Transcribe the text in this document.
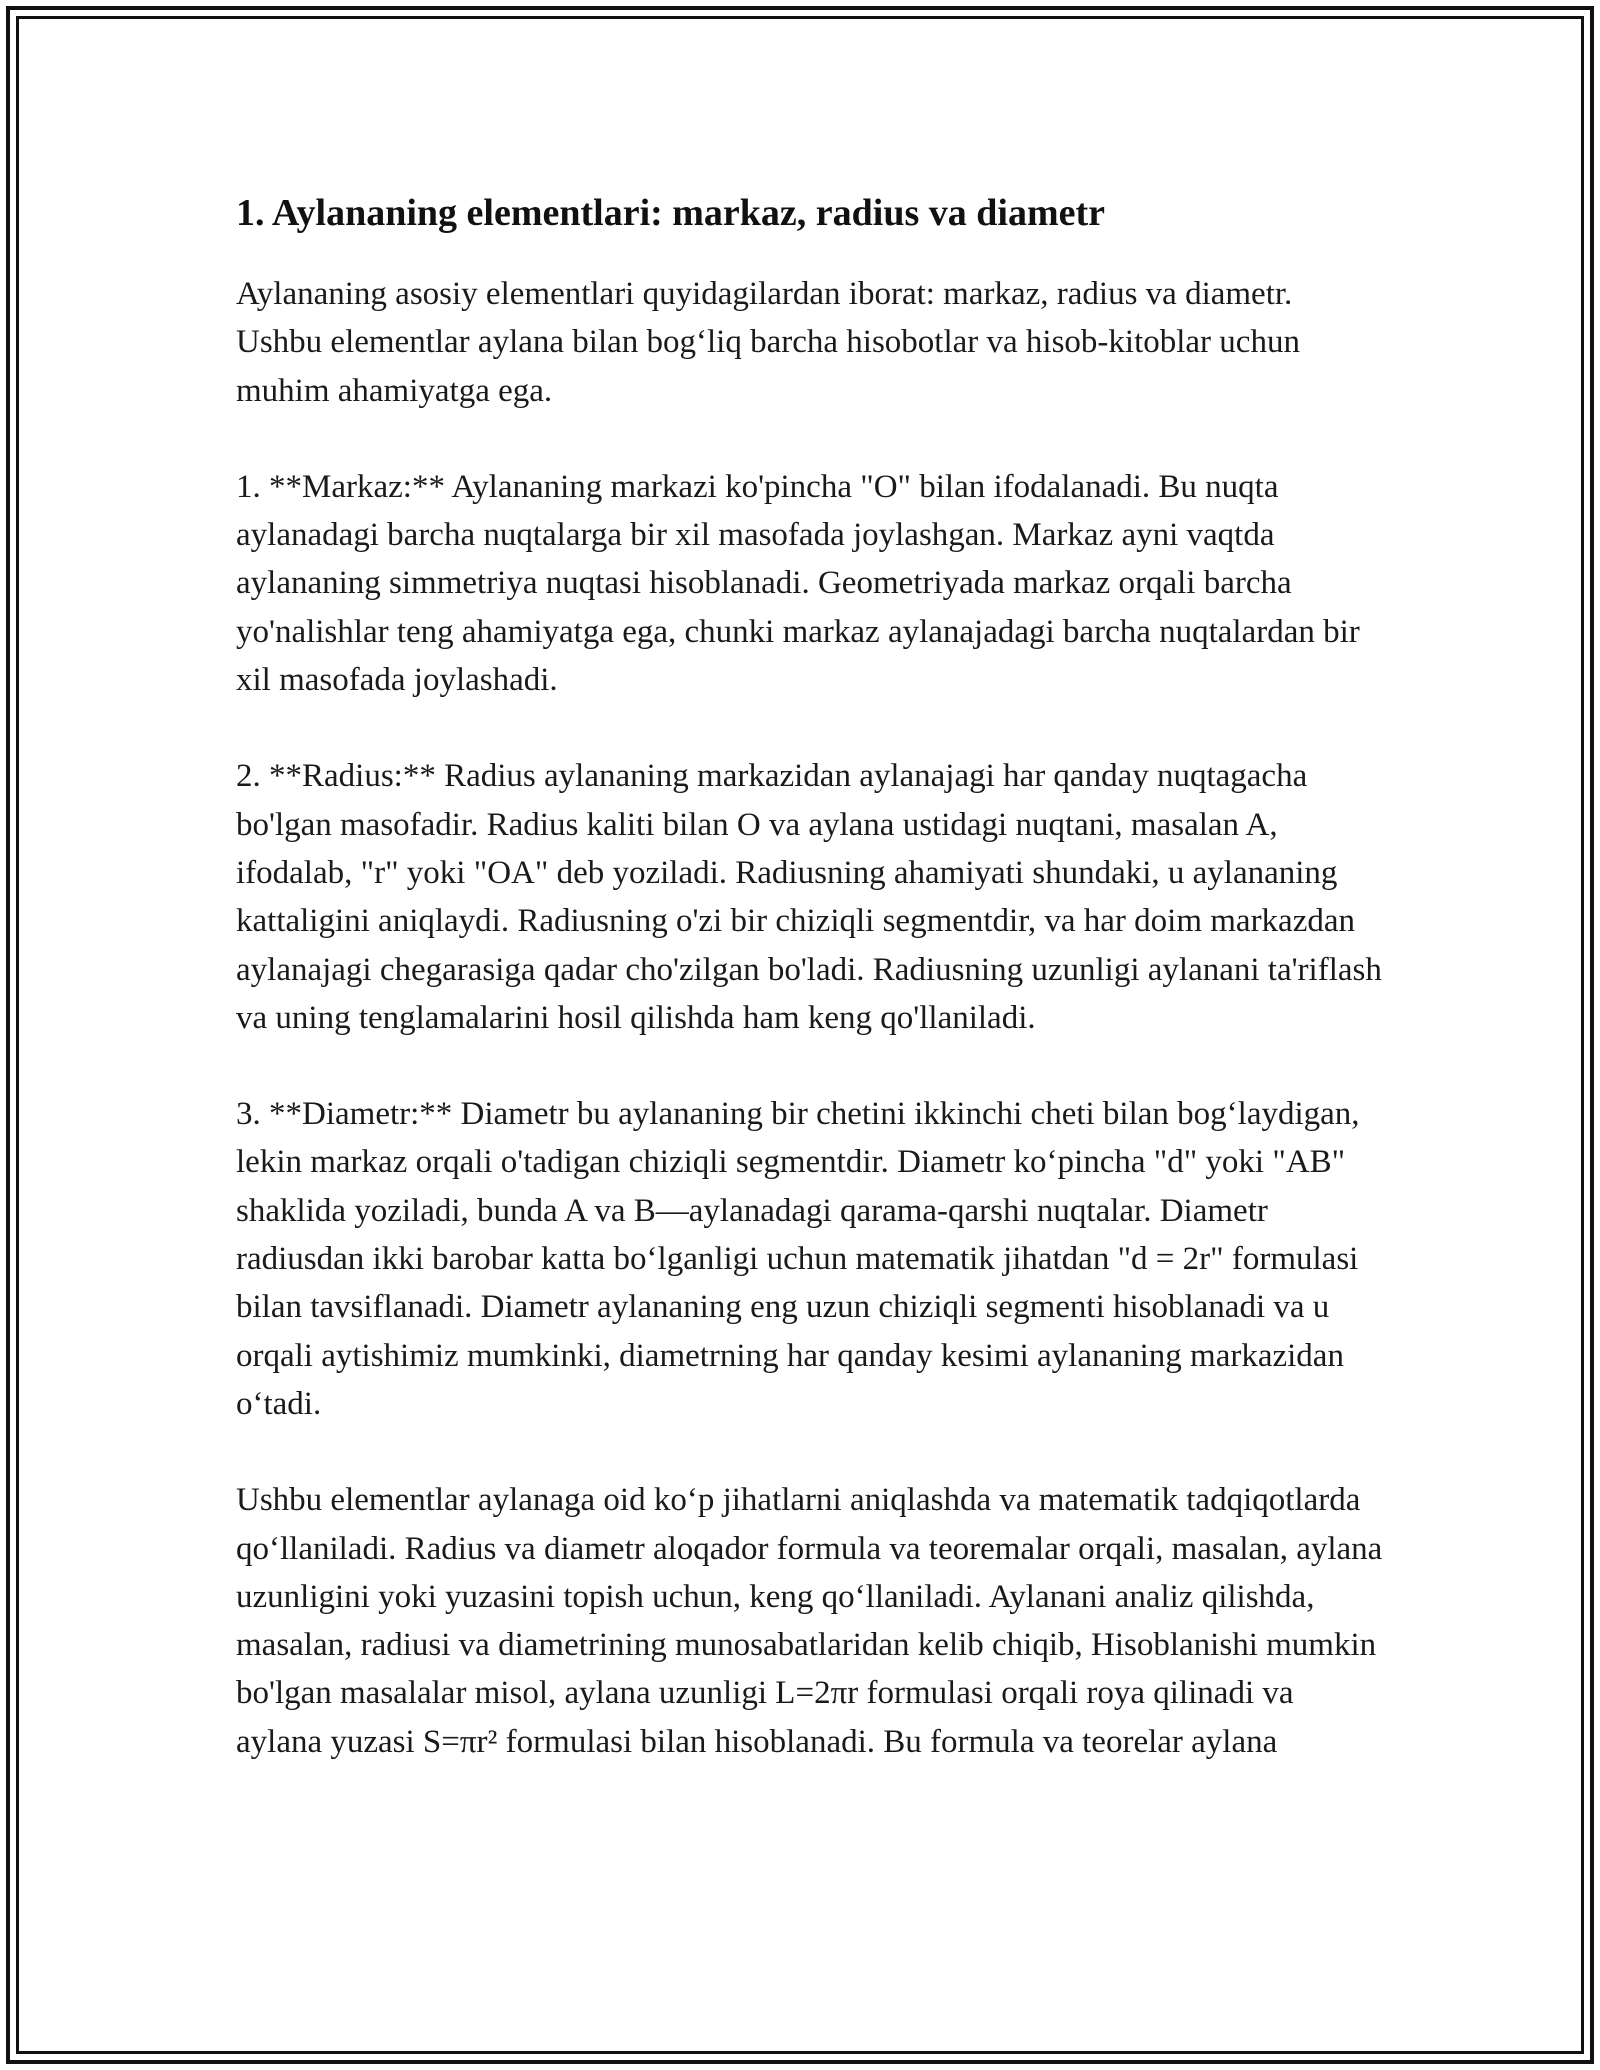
1. Aylananing elementlari: markaz, radius va diametr

Aylananing asosiy elementlari quyidagilardan iborat: markaz, radius va diametr. Ushbu elementlar aylana bilan bog‘liq barcha hisobotlar va hisob-kitoblar uchun muhim ahamiyatga ega.

1. **Markaz:** Aylananing markazi ko'pincha "O" bilan ifodalanadi. Bu nuqta aylanadagi barcha nuqtalarga bir xil masofada joylashgan. Markaz ayni vaqtda aylananing simmetriya nuqtasi hisoblanadi. Geometriyada markaz orqali barcha yo'nalishlar teng ahamiyatga ega, chunki markaz aylanajadagi barcha nuqtalardan bir xil masofada joylashadi.

2. **Radius:** Radius aylananing markazidan aylanajagi har qanday nuqtagacha bo'lgan masofadir. Radius kaliti bilan O va aylana ustidagi nuqtani, masalan A, ifodalab, "r" yoki "OA" deb yoziladi. Radiusning ahamiyati shundaki, u aylananing kattaligini aniqlaydi. Radiusning o'zi bir chiziqli segmentdir, va har doim markazdan aylanajagi chegarasiga qadar cho'zilgan bo'ladi. Radiusning uzunligi aylanani ta'riflash va uning tenglamalarini hosil qilishda ham keng qo'llaniladi.

3. **Diametr:** Diametr bu aylananing bir chetini ikkinchi cheti bilan bog‘laydigan, lekin markaz orqali o'tadigan chiziqli segmentdir. Diametr ko‘pincha "d" yoki "AB" shaklida yoziladi, bunda A va B—aylanadagi qarama-qarshi nuqtalar. Diametr radiusdan ikki barobar katta bo‘lganligi uchun matematik jihatdan "d = 2r" formulasi bilan tavsiflanadi. Diametr aylananing eng uzun chiziqli segmenti hisoblanadi va u orqali aytishimiz mumkinki, diametrning har qanday kesimi aylananing markazidan o‘tadi.

Ushbu elementlar aylanaga oid ko‘p jihatlarni aniqlashda va matematik tadqiqotlarda qo‘llaniladi. Radius va diametr aloqador formula va teoremalar orqali, masalan, aylana uzunligini yoki yuzasini topish uchun, keng qo‘llaniladi. Aylanani analiz qilishda, masalan, radiusi va diametrining munosabatlaridan kelib chiqib, Hisoblanishi mumkin bo'lgan masalalar misol, aylana uzunligi L=2πr formulasi orqali roya qilinadi va aylana yuzasi S=πr² formulasi bilan hisoblanadi. Bu formula va teorelar aylana
